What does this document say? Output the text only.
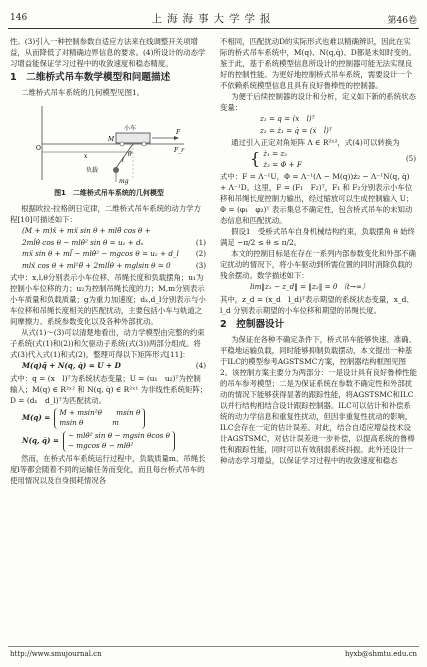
146	上海海事大学学报	第46卷

性。(3)引入一种控制参数自适应方法来在线调整开关项增益，从而降低了对精确边界信息的要求。(4)所设计的动态学习增益能保证学习过程中的收敛速度和稳态精度。

1　二维桥式吊车数学模型和问题描述

二维桥式吊车系统的几何模型见图1。

O
x
小车
M
F
l
θ
负载
mg
F_r
图1　二维桥式吊车系统的几何模型

根据欧拉-拉格朗日定律，二维桥式吊车系统的动力学方程[10]可描述如下：

(M + m)ẍ + mẍ sin θ + mlθ̈ cos θ +
2ml̇θ̇ cos θ − mlθ̇² sin θ = u₁ + dₓ	(1)
mẍ sin θ + ml̈ − mlθ̇² − mgcos θ = u₂ + d_l (2)
mlẍ cos θ + ml²θ̈ + 2mll̇θ̇ + mglsin θ = 0	(3)

式中：x,l,θ分别表示小车位移、吊绳长度和负载摆角；u₁为控制小车位移的力；u₂为控制吊绳长度的力；M,m分别表示小车质量和负载质量；g为重力加速度；dₓ,d_l分别表示与小车位移和吊绳长度相关的匹配扰动，主要包括小车与轨道之间摩擦力、系统参数变化以及各种外部扰动。

从式(1)～(3)可以清楚地看出，动力学模型由完整的约束子系统(式(1)和(2))和欠驱动子系统(式(3))两部分组成。将式(3)代入式(1)和式(2)，整理可得以下矩阵形式[11]：

M(q)q̈ + N(q, q̇) = U + D	(4)

式中：q = (x　l)ᵀ为系统状态变量；U = (u₁　u₂)ᵀ为控制输入；M(q) ∈ R²ˣ² 和 N(q, q̇) ∈ R²ˣ¹ 为非线性系统矩阵；D = (dₓ　d_l)ᵀ为匹配扰动。

M(q) =
M + msin²θ　　msin θ
msin θ　　　　m
N(q, q̇) =
− mlθ̇² sin θ − mgsin θcos θ
− mgcos θ − mlθ̇²

然而，在桥式吊车系统运行过程中，负载质量m、吊绳长度l等都会随着不同的运输任务而变化，而且每台桥式吊车的使用情况以及自身损耗情况各

不相同，匹配扰动D的实际形式也难以精确辨识，因此在实际的桥式吊车系统中，M(q)、N(q,q̇)、D都是未知时变的。鉴于此，基于系统模型信息所设计的控制器可能无法实现良好的控制性能。为更好地控制桥式吊车系统，需要设计一个不依赖系统模型信息且具有良好鲁棒性的控制器。

为便于后续控制器的设计和分析，定义如下新的系统状态变量：

z₁ = q = (x　l)ᵀ
z₂ = ż₁ = q̇ = (ẋ　l̇)ᵀ

通过引入正定对角矩阵 Λ ∈ R²ˣ²，式(4)可以转换为

{ ż₁ = z₂
ż₂ = Φ + F
(5)

式中：F = Λ⁻¹U，Φ = Λ⁻¹(Λ − M(q))ż₂ − Λ⁻¹N(q, q̇) + Λ⁻¹D。这里，F = (F₁　F₂)ᵀ，F₁ 和 F₂分别表示小车位移和吊绳长度控制力输出，经过缩放可以生成控制输入 U；Φ = (φ₁　φ₂)ᵀ 表示集总不确定性，包含桥式吊车的未知动态信息和匹配扰动。

假设1　受桥式吊车自身机械结构约束，负载摆角 θ 始终满足 −π/2 ≤ θ ≤ π/2。

本文的控制目标是在存在一系列内部参数变化和外部不确定扰动的情况下，将小车驱动到所需位置的同时消除负载的残余摆动。数学描述如下：

lim‖z₁ − z_d‖ = ‖z₂‖ = 0 （t→∞）

其中，z_d = (x_d　l_d)ᵀ表示期望的系统状态变量，x_d、l_d 分别表示期望的小车位移和期望的吊绳长度。

2　控制器设计

为保证在各种不确定条件下，桥式吊车能够快速、准确、平稳地运输负载，同时能够抑制负载摆动，本文提出一种基于ILC的模型参考AGSTSMC方案，控制器结构框图见图2。该控制方案主要分为两部分：一是设计具有良好鲁棒性能的吊车参考模型；二是为保证系统在参数不确定性和外部扰动的情况下能够获得显著的跟踪性能，将AGSTSMC和ILC以并行结构相结合设计跟踪控制器。ILC可以估计和补偿系统的动力学信息和重复性扰动，但因非重复性扰动的影响，ILC会存在一定的估计误差。对此，结合自适应增益技术设计AGSTSMC，对估计误差进一步补偿，以提高系统的鲁棒性和跟踪性能，同时可以有效削弱系统抖振。此外还设计一种动态学习增益，以保证学习过程中的收敛速度和稳态

http://www.smujournal.cn	hyxb@shmtu.edu.cn
